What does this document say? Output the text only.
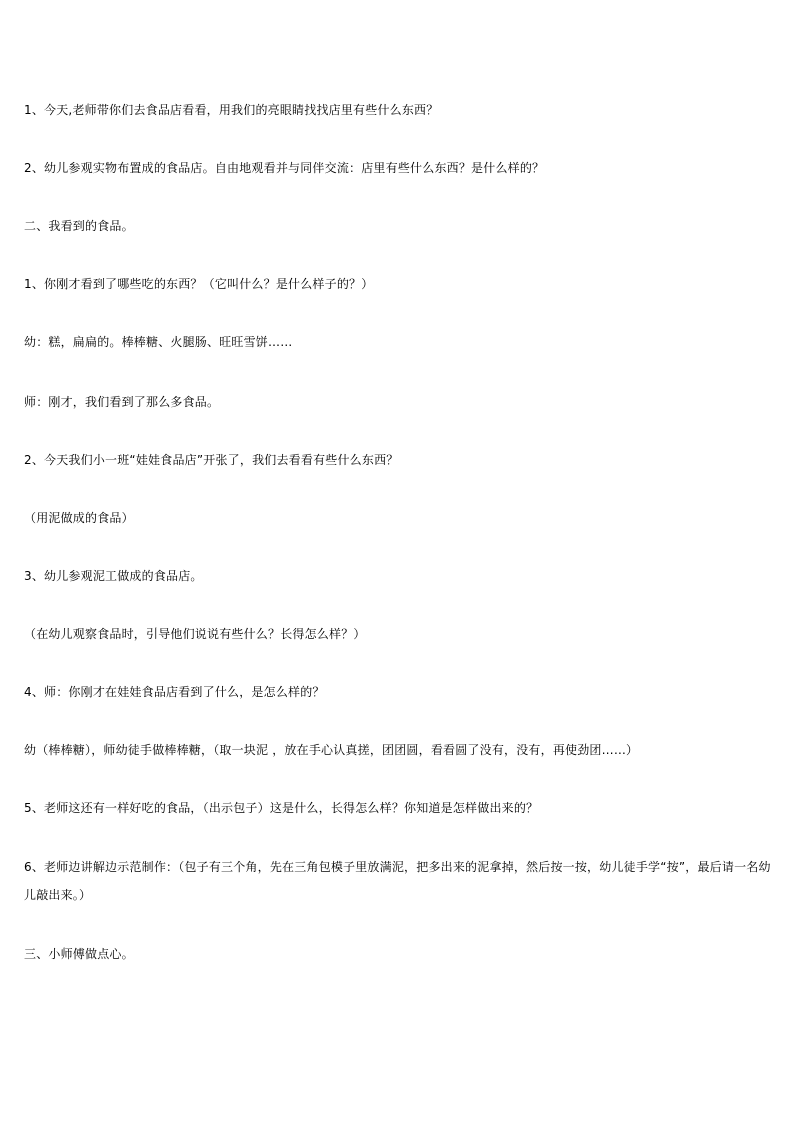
1、今天,老师带你们去食品店看看，用我们的亮眼睛找找店里有些什么东西？
2、幼儿参观实物布置成的食品店。自由地观看并与同伴交流：店里有些什么东西？是什么样的？
二、我看到的食品。
1、你刚才看到了哪些吃的东西？（它叫什么？是什么样子的？）
幼：糕，扁扁的。棒棒糖、火腿肠、旺旺雪饼……
师：刚才，我们看到了那么多食品。
2、今天我们小一班“娃娃食品店”开张了，我们去看看有些什么东西？
（用泥做成的食品）
3、幼儿参观泥工做成的食品店。
（在幼儿观察食品时，引导他们说说有些什么？长得怎么样？）
4、师：你刚才在娃娃食品店看到了什么，是怎么样的？
幼（棒棒糖），师幼徒手做棒棒糖，（取一块泥 ，放在手心认真搓，团团圆，看看圆了没有，没有，再使劲团……）
5、老师这还有一样好吃的食品，（出示包子）这是什么，长得怎么样？你知道是怎样做出来的？
6、老师边讲解边示范制作：（包子有三个角，先在三角包模子里放满泥，把多出来的泥拿掉，然后按一按，幼儿徒手学“按”，最后请一名幼儿敲出来。）
三、小师傅做点心。
